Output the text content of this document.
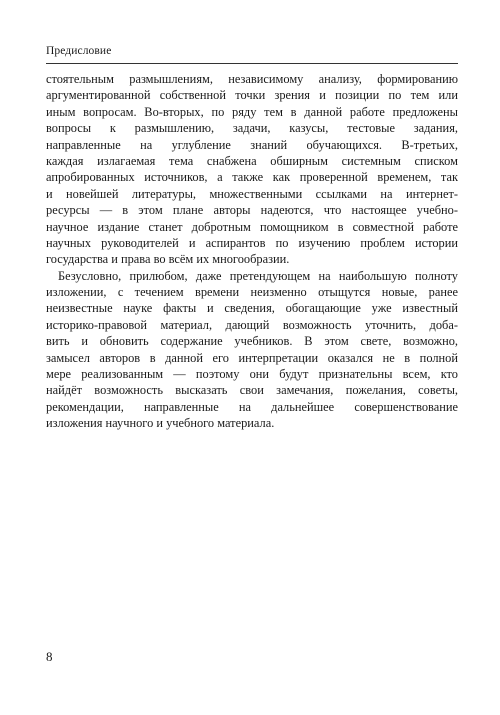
Предисловие
стоятельным размышлениям, независимому анализу, формированию
аргументированной собственной точки зрения и позиции по тем или
иным вопросам. Во-вторых, по ряду тем в данной работе предложены
вопросы к размышлению, задачи, казусы, тестовые задания,
направленные на углубление знаний обучающихся. В-третьих,
каждая излагаемая тема снабжена обширным системным списком
апробированных источников, а также как проверенной временем, так
и новейшей литературы, множественными ссылками на интернет-
ресурсы — в этом плане авторы надеются, что настоящее учебно-
научное издание станет добротным помощником в совместной работе
научных руководителей и аспирантов по изучению проблем истории
государства и права во всём их многообразии.
Безусловно, прилюбом, даже претендующем на наибольшую полноту
изложении, с течением времени неизменно отыщутся новые, ранее
неизвестные науке факты и сведения, обогащающие уже известный
историко-правовой материал, дающий возможность уточнить, доба-
вить и обновить содержание учебников. В этом свете, возможно,
замысел авторов в данной его интерпретации оказался не в полной
мере реализованным — поэтому они будут признательны всем, кто
найдёт возможность высказать свои замечания, пожелания, советы,
рекомендации, направленные на дальнейшее совершенствование
изложения научного и учебного материала.
8
